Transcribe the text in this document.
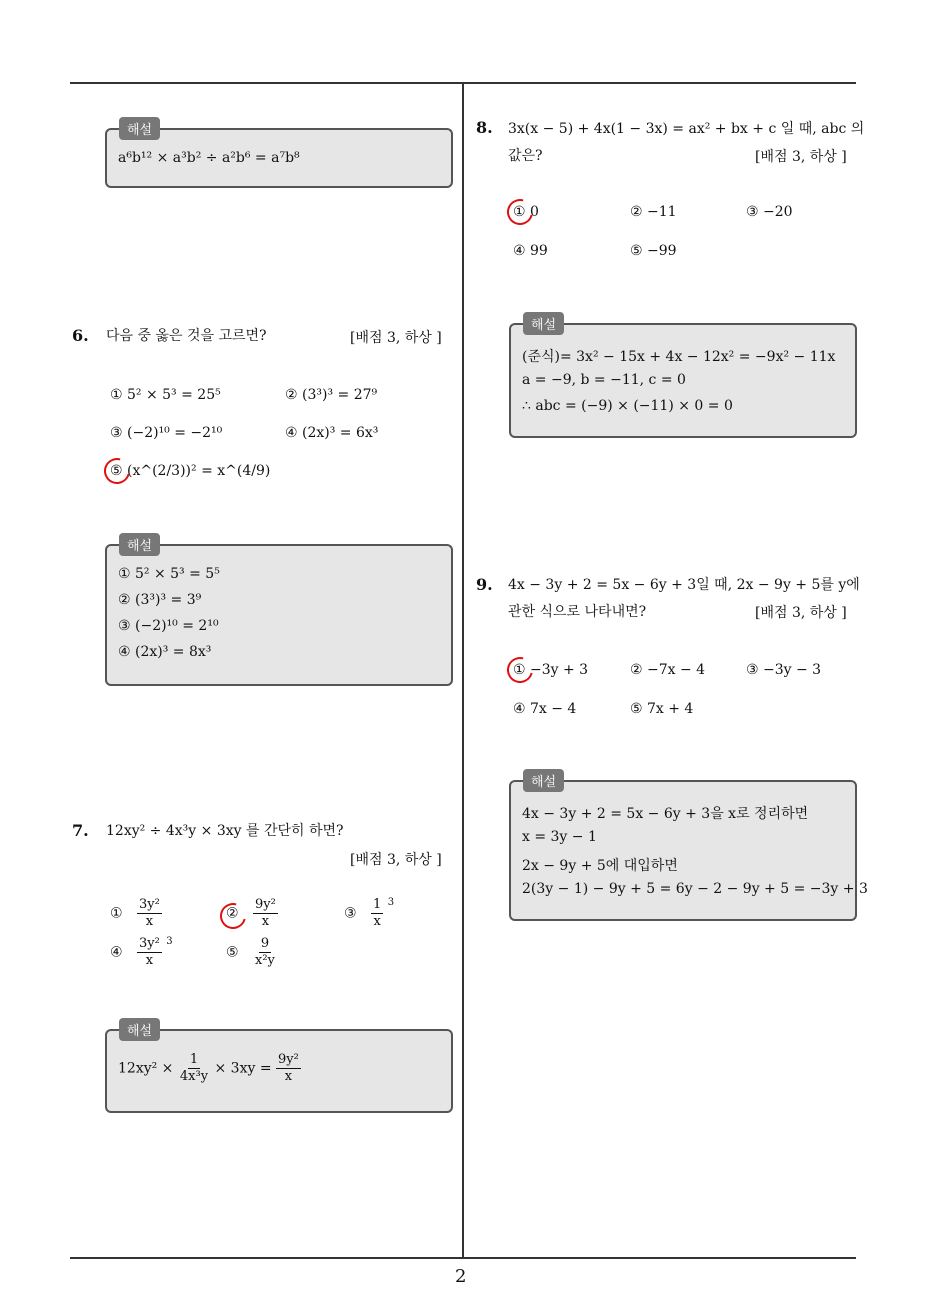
2
해설
a⁶b¹² × a³b² ÷ a²b⁶ = a⁷b⁸
6. 다음 중 옳은 것을 고르면?	[배점 3, 하상 ]
① 5² × 5³ = 25⁵	② (3³)³ = 27⁹
③ (−2)¹⁰ = −2¹⁰	④ (2x)³ = 6x³
⑤ (x^(2/3))² = x^(4/9)
해설
① 5² × 5³ = 5⁵
② (3³)³ = 3⁹
③ (−2)¹⁰ = 2¹⁰
④ (2x)³ = 8x³
7. 12xy² ÷ 4x³y × 3xy 를 간단히 하면?
[배점 3, 하상 ]
① $\frac{\text{3y²}}{x}$	② $\frac{\text{9y²}}{x}$	③ $\frac{1}{x} ^3$
④ $\frac{\text{3y²}}{x} ^3$
⑤ $\frac{9}{\text{x²y}}$
해설
$12xy^2 \times \frac{1}{\text{4x³y}} \times 3xy = \frac{\text{9y²}}{x}$
8. 3x(x − 5) + 4x(1 − 3x) = ax² + bx + c 일 때, abc 의
값은?	[배점 3, 하상 ]
① 0	② −11	③ −20
④ 99	⑤ −99
해설
(준식)= 3x² − 15x + 4x − 12x² = −9x² − 11x
a = −9, b = −11, c = 0
∴ abc = (−9) × (−11) × 0 = 0
9. 4x − 3y + 2 = 5x − 6y + 3일 때, 2x − 9y + 5를 y에
관한 식으로 나타내면?	[배점 3, 하상 ]
① −3y + 3	② −7x − 4	③ −3y − 3
④ 7x − 4	⑤ 7x + 4
해설
4x − 3y + 2 = 5x − 6y + 3을 x로 정리하면
x = 3y − 1
2x − 9y + 5에 대입하면
2(3y − 1) − 9y + 5 = 6y − 2 − 9y + 5 = −3y + 3
